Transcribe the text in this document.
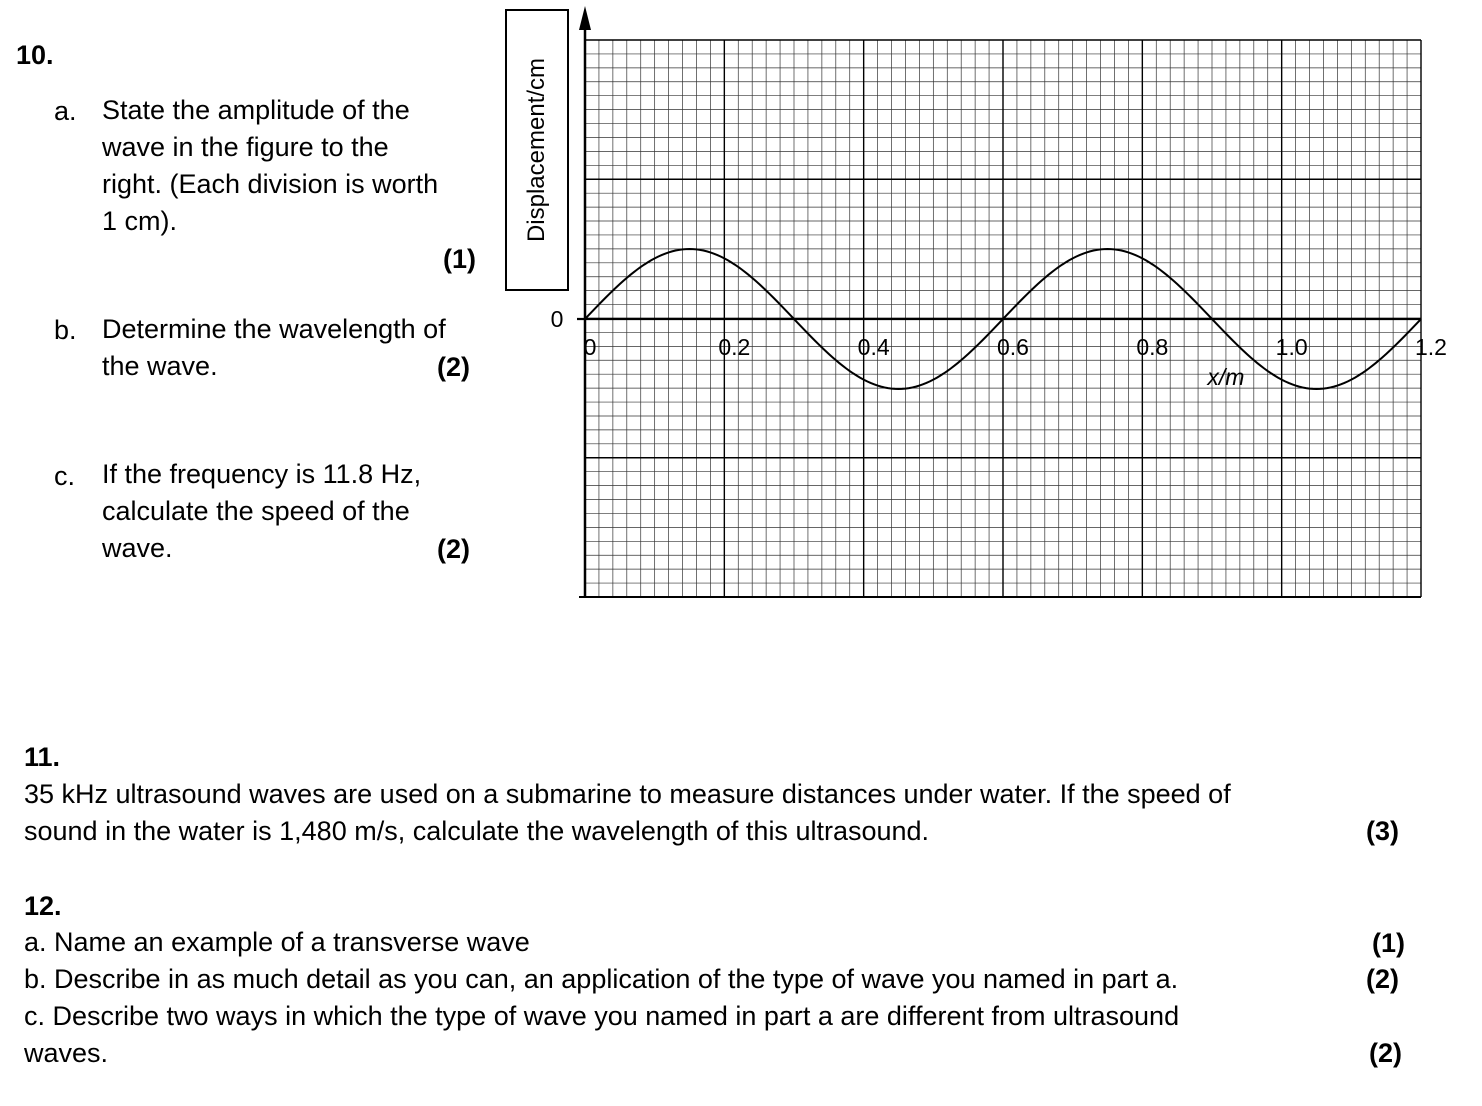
10.
a. State the amplitude of the
wave in the figure to the
right. (Each division is worth
1 cm).
(1)
b. Determine the wavelength of
the wave.	(2)
c. If the frequency is 11.8 Hz,
calculate the speed of the
wave.	(2)
Displacement/cm
0
0	0.2	0.4	0.6	0.8	1.0	1.2
x/m
11.
35 kHz ultrasound waves are used on a submarine to measure distances under water. If the speed of
sound in the water is 1,480 m/s, calculate the wavelength of this ultrasound.	(3)
12.
a. Name an example of a transverse wave
b. Describe in as much detail as you can, an application of the type of wave you named in part a.
c. Describe two ways in which the type of wave you named in part a are different from ultrasound
waves.
(1)
(2)
(2)
